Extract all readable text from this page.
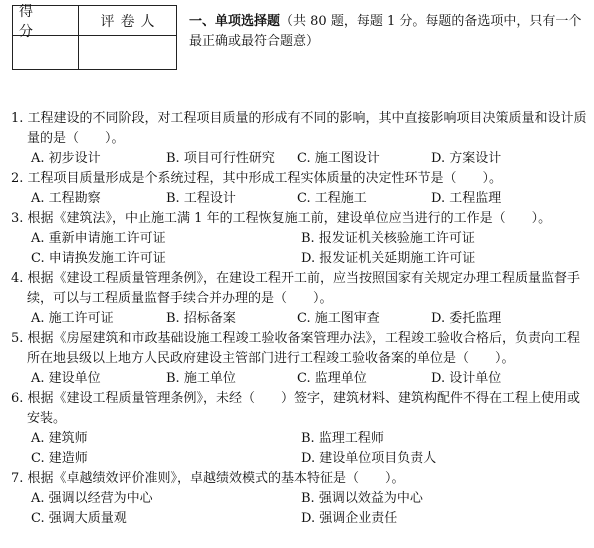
得　分
评卷人	一、单项选择题（共 80 题，每题 1 分。每题的备选项中，只有一个最正确或最符合题意）
1. 工程建设的不同阶段，对工程项目质量的形成有不同的影响，其中直接影响项目决策质量和设计质量的是（　　）。
A. 初步设计	B. 项目可行性研究	C. 施工图设计	D. 方案设计
2. 工程项目质量形成是个系统过程，其中形成工程实体质量的决定性环节是（　　）。
A. 工程勘察	B. 工程设计	C. 工程施工	D. 工程监理
3. 根据《建筑法》，中止施工满 1 年的工程恢复施工前，建设单位应当进行的工作是（　　）。
A. 重新申请施工许可证	B. 报发证机关核验施工许可证
C. 申请换发施工许可证	D. 报发证机关延期施工许可证
4. 根据《建设工程质量管理条例》，在建设工程开工前，应当按照国家有关规定办理工程质量监督手续，可以与工程质量监督手续合并办理的是（　　）。
A. 施工许可证	B. 招标备案	C. 施工图审查	D. 委托监理
5. 根据《房屋建筑和市政基础设施工程竣工验收备案管理办法》，工程竣工验收合格后，负责向工程所在地县级以上地方人民政府建设主管部门进行工程竣工验收备案的单位是（　　）。
A. 建设单位	B. 施工单位	C. 监理单位	D. 设计单位
6. 根据《建设工程质量管理条例》，未经（　　）签字，建筑材料、建筑构配件不得在工程上使用或安装。
A. 建筑师	B. 监理工程师
C. 建造师	D. 建设单位项目负责人
7. 根据《卓越绩效评价准则》，卓越绩效模式的基本特征是（　　）。
A. 强调以经营为中心	B. 强调以效益为中心
C. 强调大质量观	D. 强调企业责任
